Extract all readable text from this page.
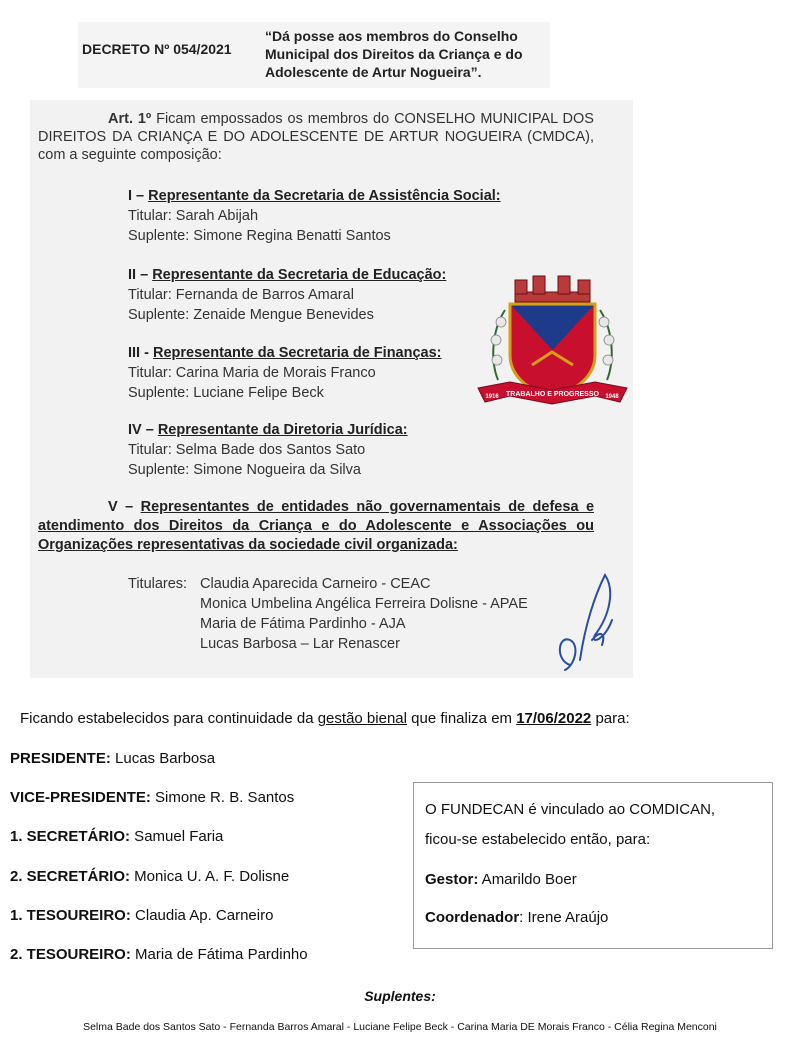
DECRETO Nº 054/2021
“Dá posse aos membros do Conselho Municipal dos Direitos da Criança e do Adolescente de Artur Nogueira”.
Art. 1º Ficam empossados os membros do CONSELHO MUNICIPAL DOS DIREITOS DA CRIANÇA E DO ADOLESCENTE DE ARTUR NOGUEIRA (CMDCA), com a seguinte composição:
I – Representante da Secretaria de Assistência Social:
Titular: Sarah Abijah
Suplente: Simone Regina Benatti Santos
II – Representante da Secretaria de Educação:
Titular: Fernanda de Barros Amaral
Suplente: Zenaide Mengue Benevides
III - Representante da Secretaria de Finanças:
Titular: Carina Maria de Morais Franco
Suplente: Luciane Felipe Beck
IV – Representante da Diretoria Jurídica:
Titular: Selma Bade dos Santos Sato
Suplente: Simone Nogueira da Silva
V – Representantes de entidades não governamentais de defesa e atendimento dos Direitos da Criança e do Adolescente e Associações ou Organizações representativas da sociedade civil organizada:
Titulares: Claudia Aparecida Carneiro - CEAC
Monica Umbelina Angélica Ferreira Dolisne - APAE
Maria de Fátima Pardinho - AJA
Lucas Barbosa – Lar Renascer
TRABALHO E PROGRESSO
1916	1948
Ficando estabelecidos para continuidade da gestão bienal que finaliza em 17/06/2022 para:
PRESIDENTE: Lucas Barbosa
VICE-PRESIDENTE: Simone R. B. Santos
1. SECRETÁRIO: Samuel Faria
2. SECRETÁRIO: Monica U. A. F. Dolisne
1. TESOUREIRO: Claudia Ap. Carneiro
2. TESOUREIRO: Maria de Fátima Pardinho
O FUNDECAN é vinculado ao COMDICAN,
ficou-se estabelecido então, para:
Gestor: Amarildo Boer
Coordenador: Irene Araújo
Suplentes:
Selma Bade dos Santos Sato - Fernanda Barros Amaral - Luciane Felipe Beck - Carina Maria DE Morais Franco - Célia Regina Menconi
